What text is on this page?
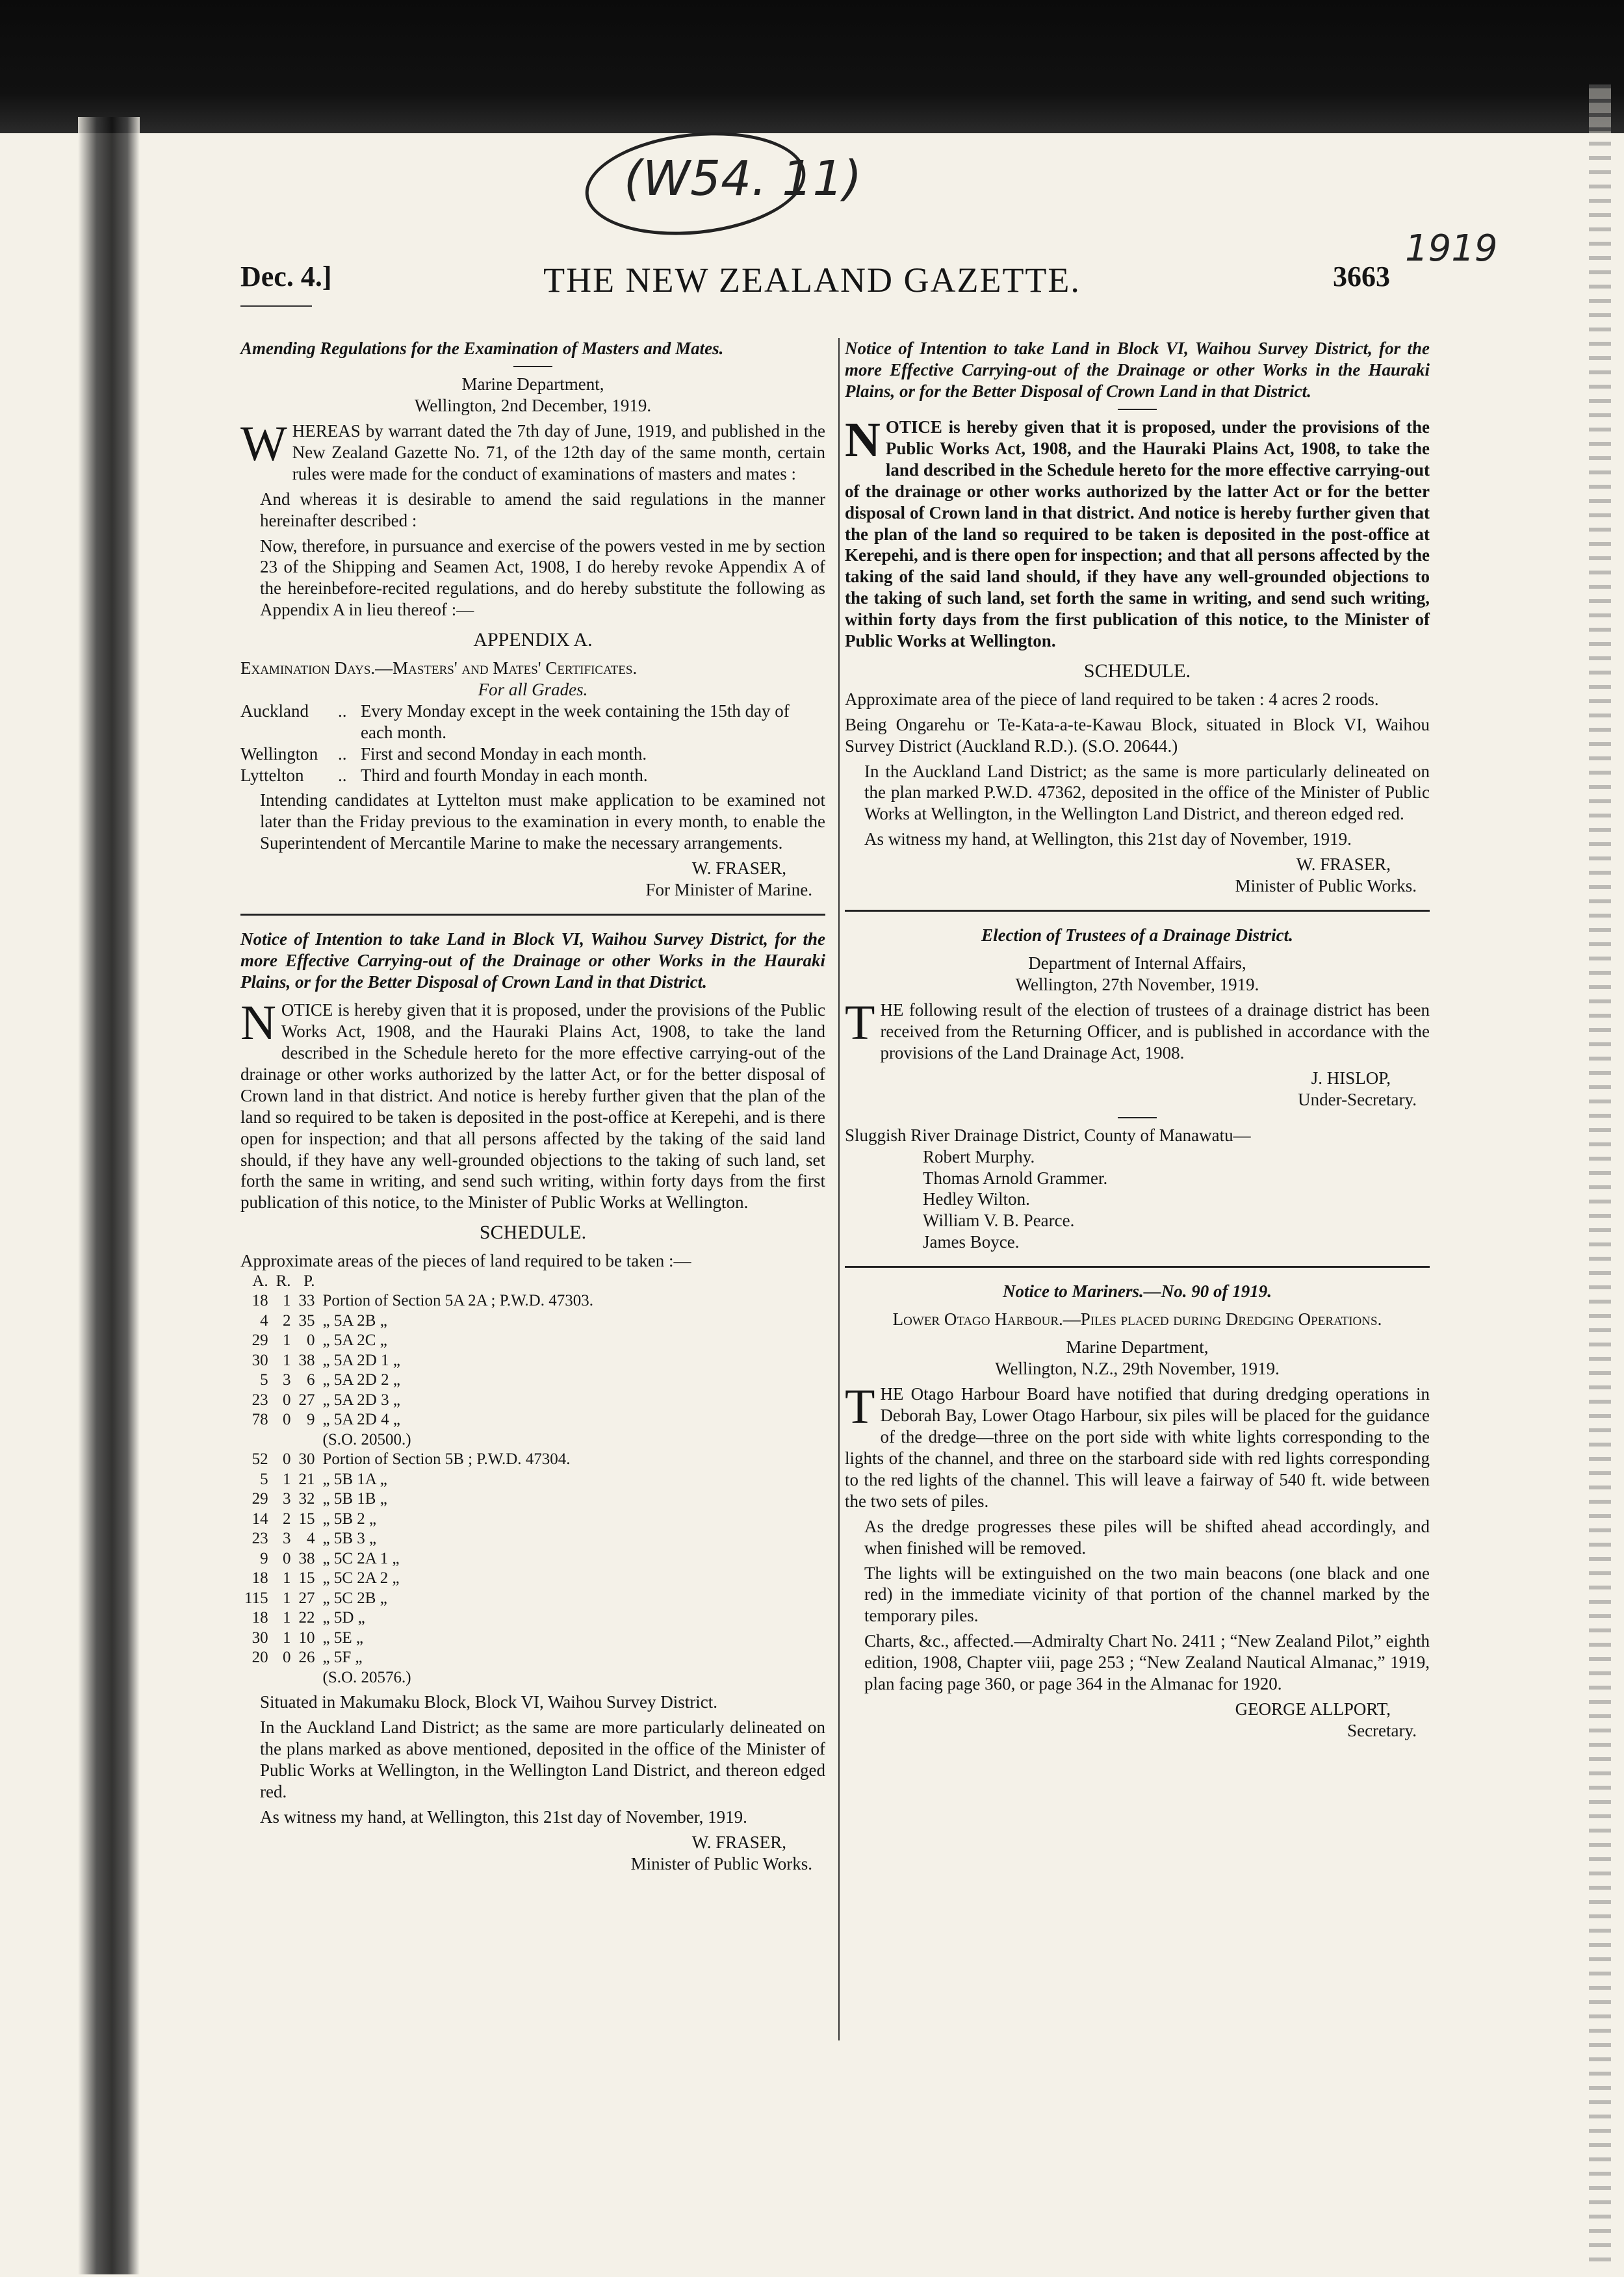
(W54. 11)
1919
Dec. 4.]	THE NEW ZEALAND GAZETTE.	3663

Amending Regulations for the Examination of Masters and Mates.

Marine Department,
Wellington, 2nd December, 1919.

WHEREAS by warrant dated the 7th day of June, 1919, and published in the New Zealand Gazette No. 71, of the 12th day of the same month, certain rules were made for the conduct of examinations of masters and mates :

And whereas it is desirable to amend the said regulations in the manner hereinafter described :

Now, therefore, in pursuance and exercise of the powers vested in me by section 23 of the Shipping and Seamen Act, 1908, I do hereby revoke Appendix A of the hereinbefore-recited regulations, and do hereby substitute the following as Appendix A in lieu thereof :—

APPENDIX A.
Examination Days.—Masters' and Mates' Certificates.
For all Grades.
Auckland	.. Every Monday except in the week containing the 15th day of each month.
Wellington	.. First and second Monday in each month.
Lyttelton	.. Third and fourth Monday in each month.

Intending candidates at Lyttelton must make application to be examined not later than the Friday previous to the examination in every month, to enable the Superintendent of Mercantile Marine to make the necessary arrangements.

W. FRASER,
For Minister of Marine.

Notice of Intention to take Land in Block VI, Waihou Survey District, for the more Effective Carrying-out of the Drainage or other Works in the Hauraki Plains, or for the Better Disposal of Crown Land in that District.

NOTICE is hereby given that it is proposed, under the provisions of the Public Works Act, 1908, and the Hauraki Plains Act, 1908, to take the land described in the Schedule hereto for the more effective carrying-out of the drainage or other works authorized by the latter Act, or for the better disposal of Crown land in that district. And notice is hereby further given that the plan of the land so required to be taken is deposited in the post-office at Kerepehi, and is there open for inspection; and that all persons affected by the taking of the said land should, if they have any well-grounded objections to the taking of such land, set forth the same in writing, and send such writing, within forty days from the first publication of this notice, to the Minister of Public Works at Wellington.

SCHEDULE.
Approximate areas of the pieces of land required to be taken :—
A.	R.	P.	
18	1	33	Portion of Section 5A 2A ; P.W.D. 47303.
4	2	35	„ 5A 2B „
29	1	0	„ 5A 2C „
30	1	38	„ 5A 2D 1 „
5	3	6	„ 5A 2D 2 „
23	0	27	„ 5A 2D 3 „
78	0	9	„ 5A 2D 4 „
			(S.O. 20500.)
52	0	30	Portion of Section 5B ; P.W.D. 47304.
5	1	21	„ 5B 1A „
29	3	32	„ 5B 1B „
14	2	15	„ 5B 2 „
23	3	4	„ 5B 3 „
9	0	38	„ 5C 2A 1 „
18	1	15	„ 5C 2A 2 „
115	1	27	„ 5C 2B „
18	1	22	„ 5D „
30	1	10	„ 5E „
20	0	26	„ 5F „
			(S.O. 20576.)

Situated in Makumaku Block, Block VI, Waihou Survey District.

In the Auckland Land District; as the same are more particularly delineated on the plans marked as above mentioned, deposited in the office of the Minister of Public Works at Wellington, in the Wellington Land District, and thereon edged red.

As witness my hand, at Wellington, this 21st day of November, 1919.

W. FRASER,
Minister of Public Works.

Notice of Intention to take Land in Block VI, Waihou Survey District, for the more Effective Carrying-out of the Drainage or other Works in the Hauraki Plains, or for the Better Disposal of Crown Land in that District.

NOTICE is hereby given that it is proposed, under the provisions of the Public Works Act, 1908, and the Hauraki Plains Act, 1908, to take the land described in the Schedule hereto for the more effective carrying-out of the drainage or other works authorized by the latter Act or for the better disposal of Crown land in that district. And notice is hereby further given that the plan of the land so required to be taken is deposited in the post-office at Kerepehi, and is there open for inspection; and that all persons affected by the taking of the said land should, if they have any well-grounded objections to the taking of such land, set forth the same in writing, and send such writing, within forty days from the first publication of this notice, to the Minister of Public Works at Wellington.

SCHEDULE.

Approximate area of the piece of land required to be taken : 4 acres 2 roods.

Being Ongarehu or Te-Kata-a-te-Kawau Block, situated in Block VI, Waihou Survey District (Auckland R.D.). (S.O. 20644.)

In the Auckland Land District; as the same is more particularly delineated on the plan marked P.W.D. 47362, deposited in the office of the Minister of Public Works at Wellington, in the Wellington Land District, and thereon edged red.

As witness my hand, at Wellington, this 21st day of November, 1919.

W. FRASER,
Minister of Public Works.

Election of Trustees of a Drainage District.

Department of Internal Affairs,
Wellington, 27th November, 1919.

THE following result of the election of trustees of a drainage district has been received from the Returning Officer, and is published in accordance with the provisions of the Land Drainage Act, 1908.

J. HISLOP,
Under-Secretary.
Sluggish River Drainage District, County of Manawatu—
Robert Murphy.
Thomas Arnold Grammer.
Hedley Wilton.
William V. B. Pearce.
James Boyce.

Notice to Mariners.—No. 90 of 1919.

Lower Otago Harbour.—Piles placed during Dredging Operations.
Marine Department,
Wellington, N.Z., 29th November, 1919.

THE Otago Harbour Board have notified that during dredging operations in Deborah Bay, Lower Otago Harbour, six piles will be placed for the guidance of the dredge—three on the port side with white lights corresponding to the lights of the channel, and three on the starboard side with red lights corresponding to the red lights of the channel. This will leave a fairway of 540 ft. wide between the two sets of piles.

As the dredge progresses these piles will be shifted ahead accordingly, and when finished will be removed.

The lights will be extinguished on the two main beacons (one black and one red) in the immediate vicinity of that portion of the channel marked by the temporary piles.

Charts, &c., affected.—Admiralty Chart No. 2411 ; “New Zealand Pilot,” eighth edition, 1908, Chapter viii, page 253 ; “New Zealand Nautical Almanac,” 1919, plan facing page 360, or page 364 in the Almanac for 1920.

GEORGE ALLPORT,
Secretary.
